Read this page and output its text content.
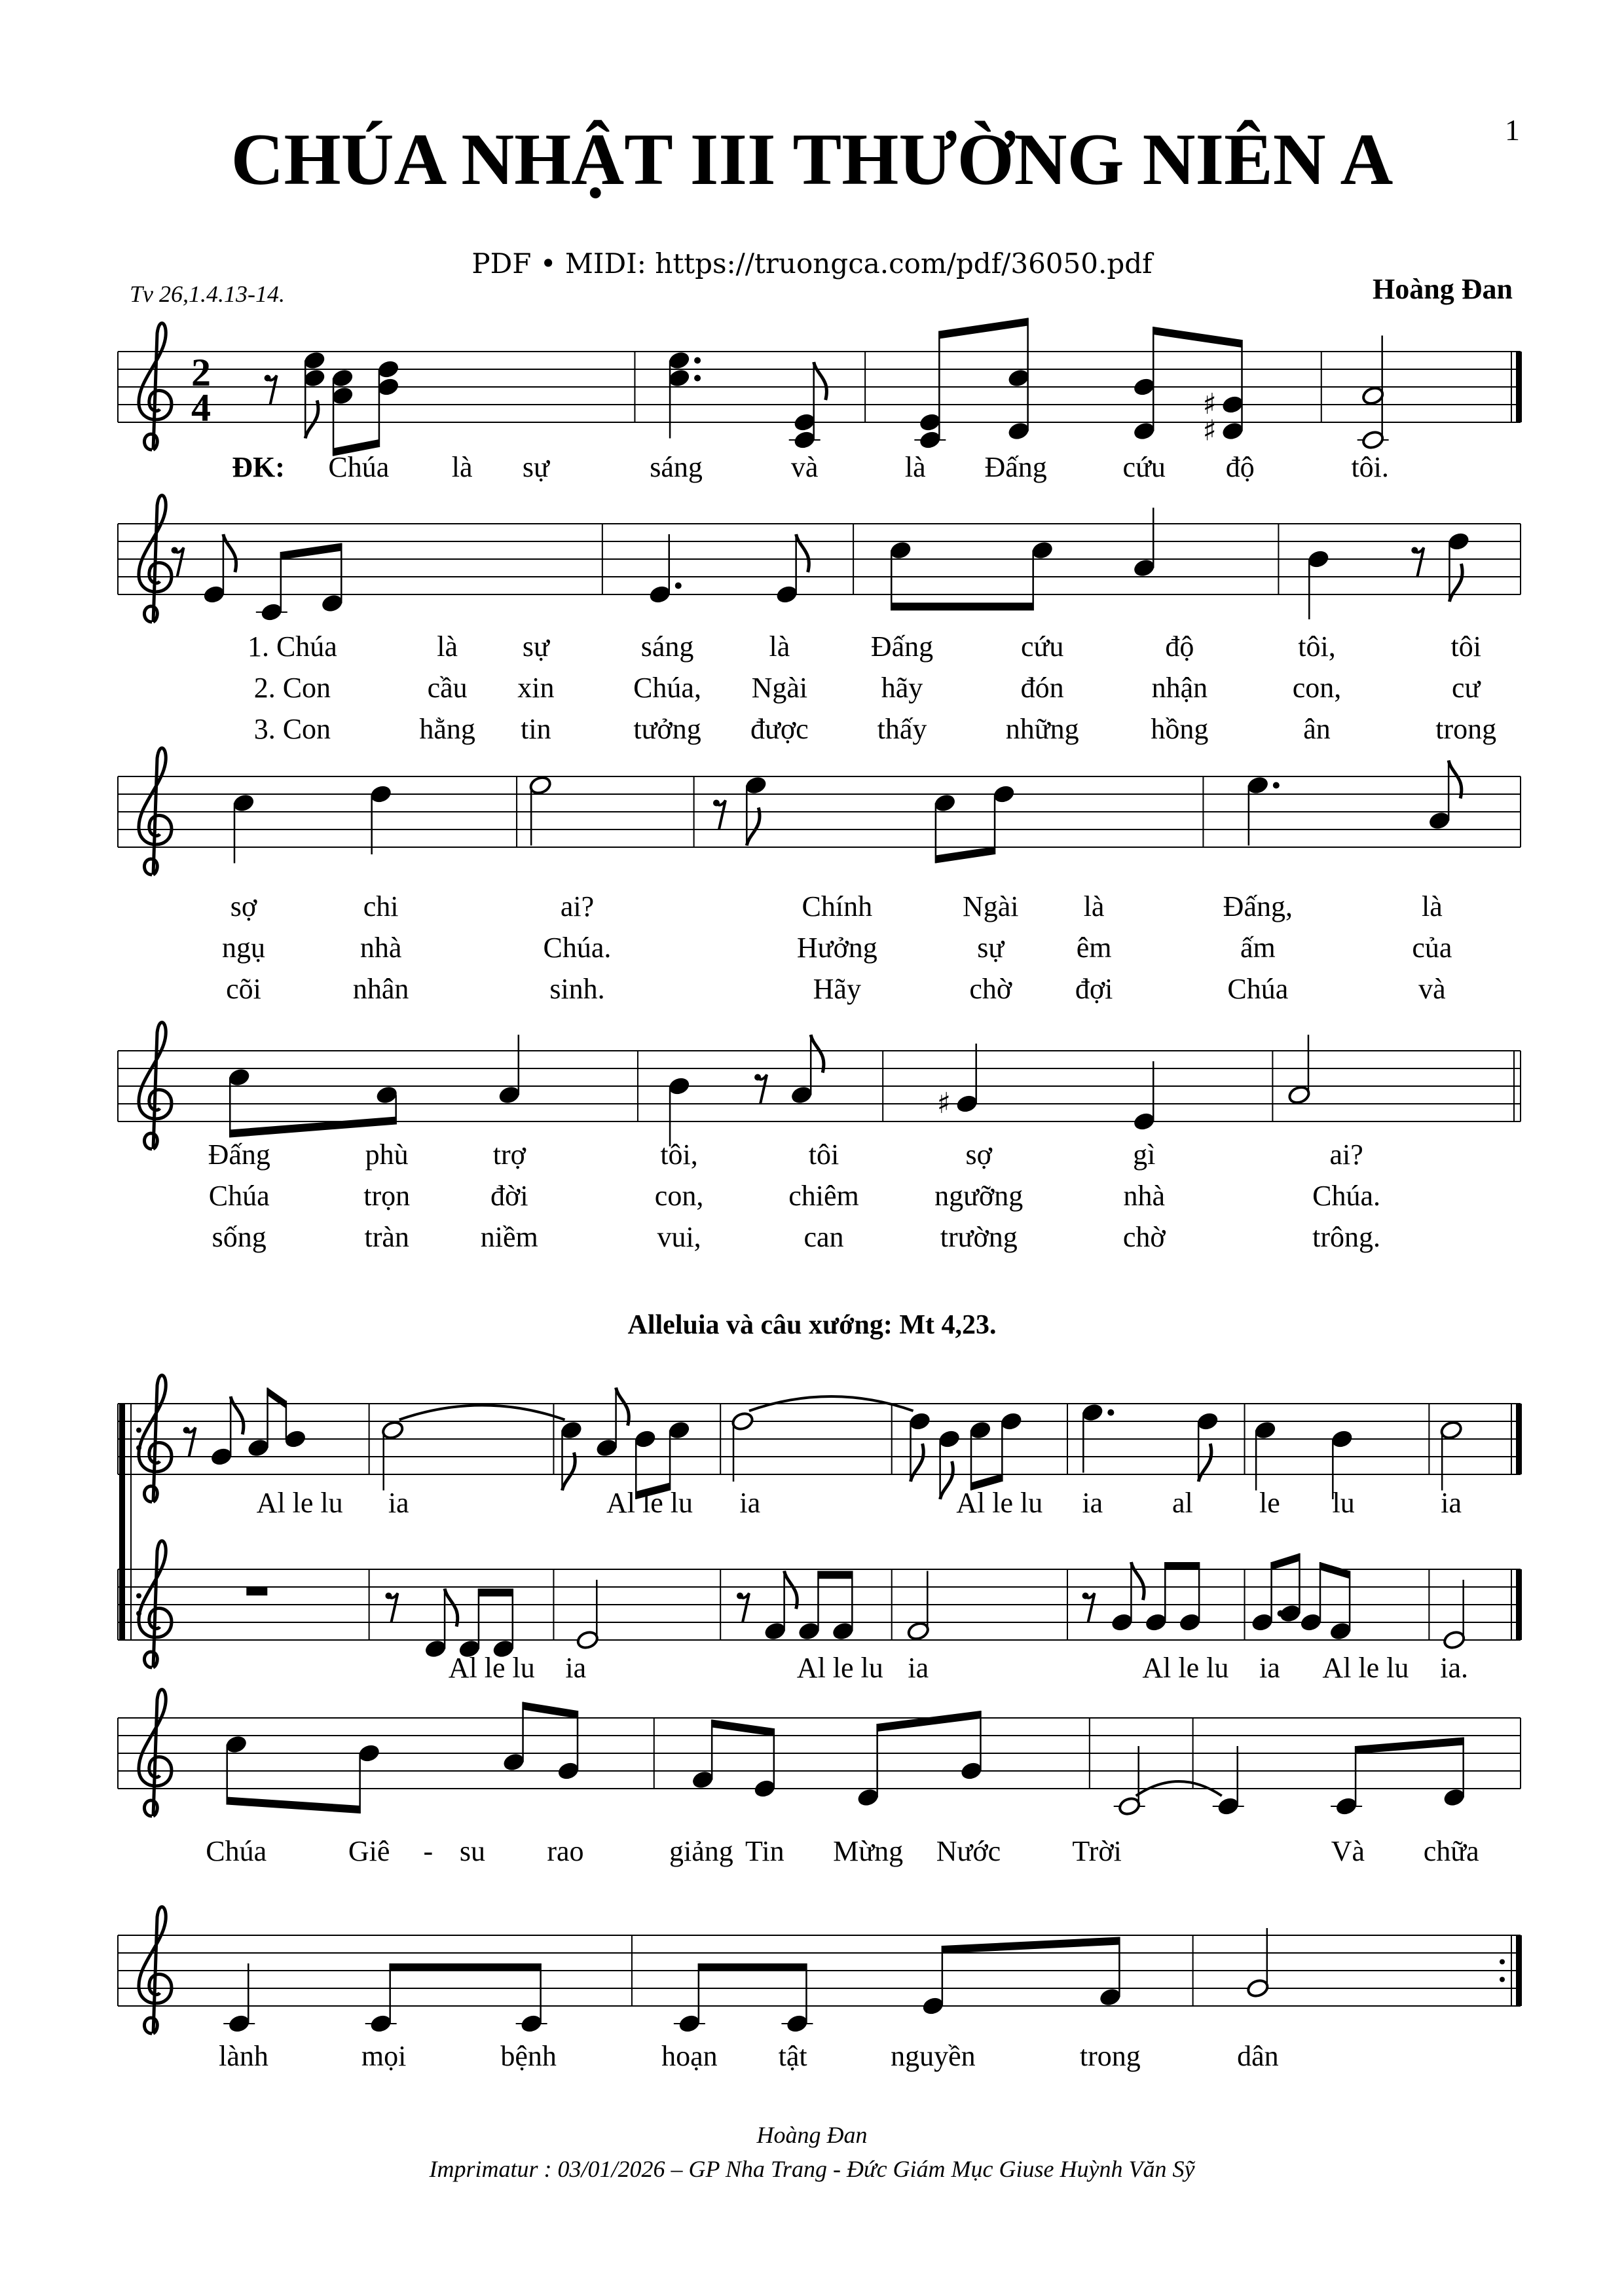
2
4	♯
♯
♯
CHÚA NHẬT III THƯỜNG NIÊN A	1
PDF • MIDI: https://truongca.com/pdf/36050.pdf
Tv 26,1.4.13-14.	Hoàng Đan
Alleluia và câu xướng: Mt 4,23.
Chúa là sự	sáng	và	là Đấng	cứu độ	tôi.
ĐK:
1. Chúa	là sự	sáng	là	Đấng	cứu	độ	tôi,	tôi
2. Con	cầu xin	Chúa, Ngài	hãy	đón	nhận	con,	cư
3. Con	hằng tin	tưởng được thấy	những hồng	ân	trong
sợ	chi	ai?	Chính	Ngài là	Đấng,	là
ngụ	nhà	Chúa.	Hưởng	sự	êm	ấm	của
cõi	nhân	sinh.	Hãy	chờ đợi	Chúa	và
Đấng	phù	trợ	tôi,	tôi	sợ	gì	ai?
Chúa	trọn	đời	con,	chiêm	ngưỡng	nhà	Chúa.
sống	tràn niềm	vui,	can	trường	chờ	trông.
Al le lu ia	Al le lu ia	Al le lu ia al le lu	ia
Al le lu ia	Al le lu ia	Al le lu ia Al le lu ia.
Chúa	Giê - su rao	giảng Tin Mừng Nước Trời	Và chữa
lành	mọi	bệnh	hoạn tật	nguyền	trong	dân
Hoàng Đan
Imprimatur : 03/01/2026 – GP Nha Trang - Đức Giám Mục Giuse Huỳnh Văn Sỹ
